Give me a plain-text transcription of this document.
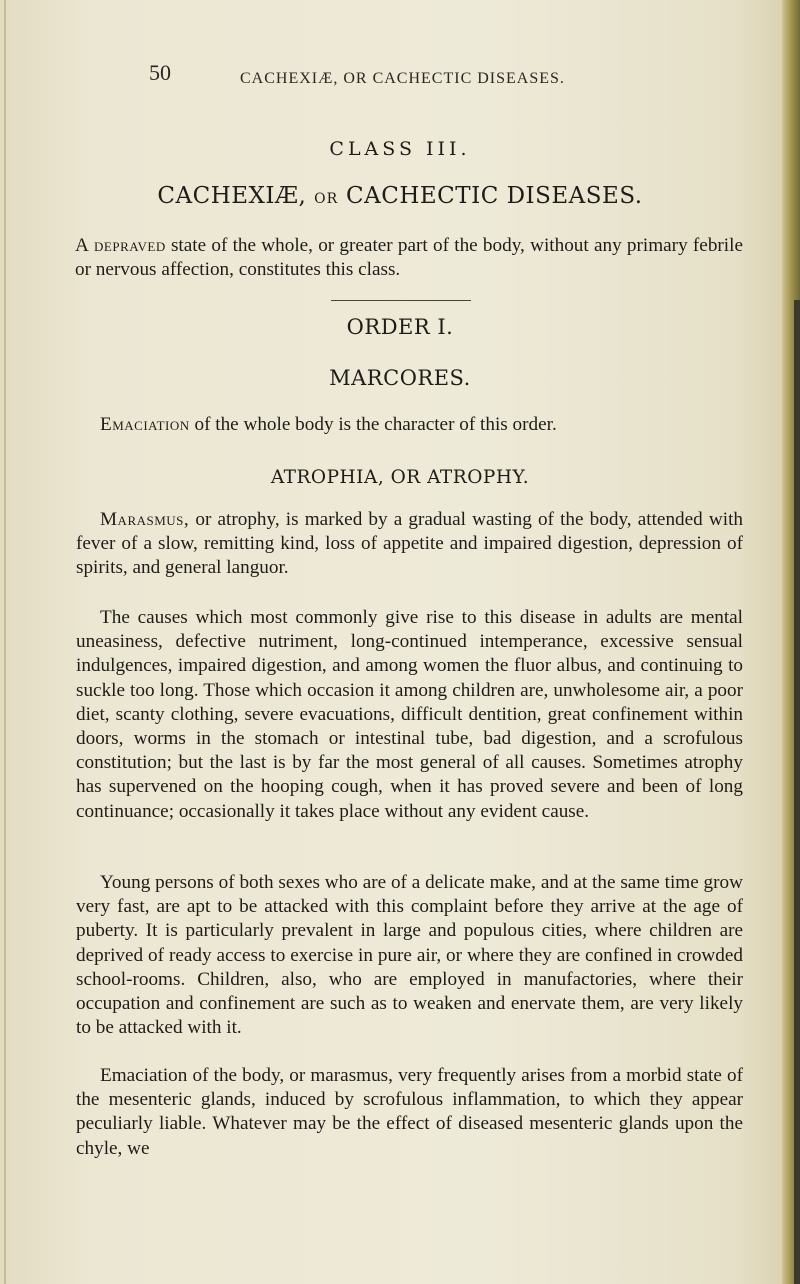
50	CACHEXIÆ, OR CACHECTIC DISEASES.
CLASS III.
CACHEXIÆ, OR CACHECTIC DISEASES.

A depraved state of the whole, or greater part of the body, without any primary febrile or nervous affection, constitutes this class.

ORDER I.
MARCORES.

Emaciation of the whole body is the character of this order.

ATROPHIA, OR ATROPHY.

Marasmus, or atrophy, is marked by a gradual wasting of the body, attended with fever of a slow, remitting kind, loss of appetite and impaired digestion, depression of spirits, and general languor.

The causes which most commonly give rise to this disease in adults are mental uneasiness, defective nutriment, long-continued intemperance, excessive sensual indulgences, impaired digestion, and among women the fluor albus, and continuing to suckle too long. Those which occasion it among children are, unwholesome air, a poor diet, scanty clothing, severe evacuations, difficult dentition, great confinement within doors, worms in the stomach or intestinal tube, bad digestion, and a scrofulous constitution; but the last is by far the most general of all causes. Sometimes atrophy has supervened on the hooping cough, when it has proved severe and been of long continuance; occasionally it takes place without any evident cause.

Young persons of both sexes who are of a delicate make, and at the same time grow very fast, are apt to be attacked with this complaint before they arrive at the age of puberty. It is particularly prevalent in large and populous cities, where children are deprived of ready access to exercise in pure air, or where they are confined in crowded school-rooms. Children, also, who are employed in manufactories, where their occupation and confinement are such as to weaken and enervate them, are very likely to be attacked with it.

Emaciation of the body, or marasmus, very frequently arises from a morbid state of the mesenteric glands, induced by scrofulous inflammation, to which they appear peculiarly liable. Whatever may be the effect of diseased mesenteric glands upon the chyle, we
